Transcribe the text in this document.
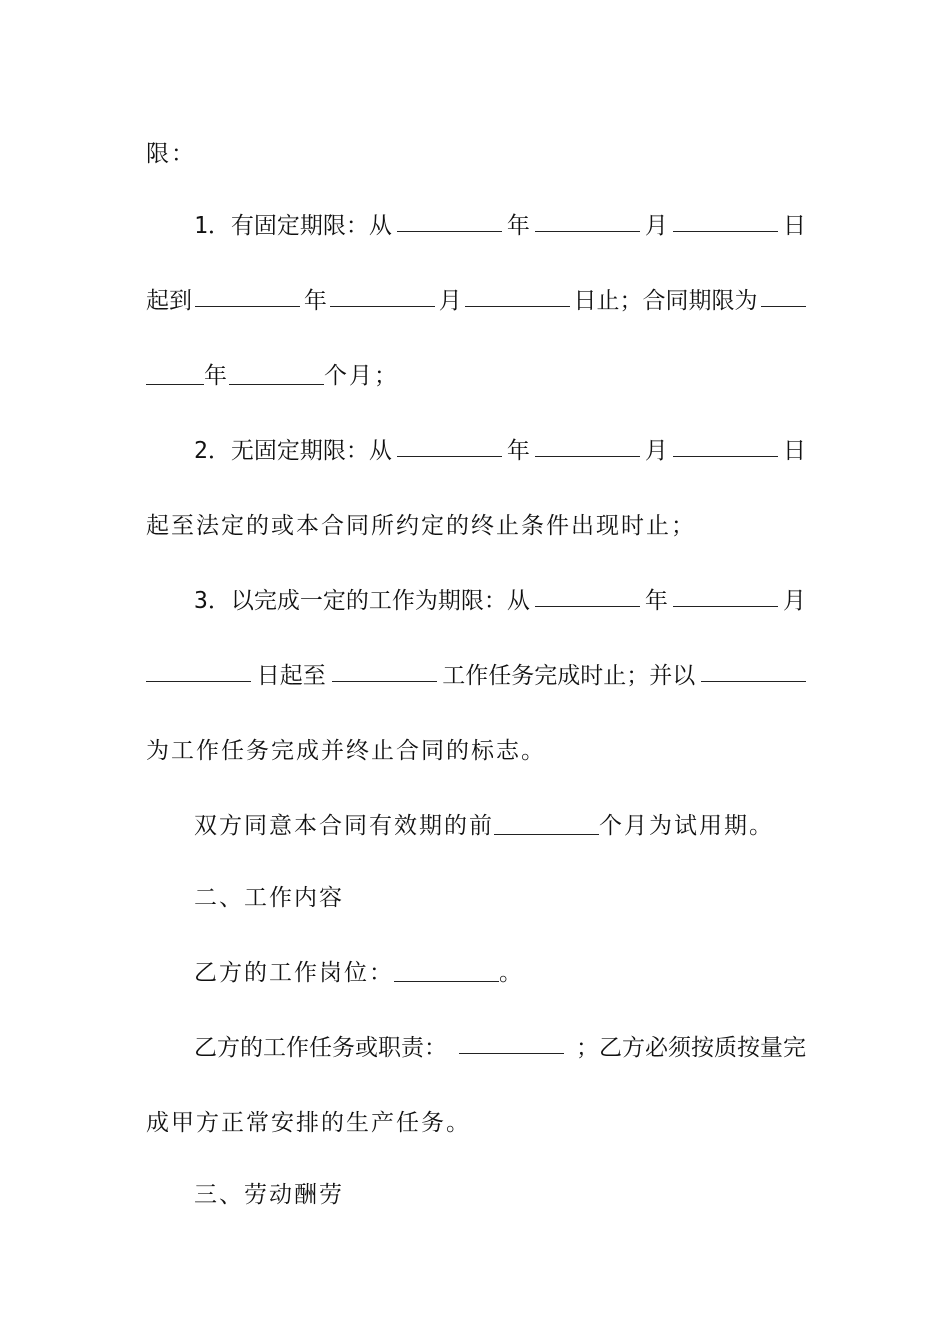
限：
1．有固定期限：从	年	月	日
起到	年	月	日止；合同期限为
年	个月；
2．无固定期限：从	年	月	日
起至法定的或本合同所约定的终止条件出现时止；
3．以完成一定的工作为期限：从	年	月
日起至	工作任务完成时止；并以
为工作任务完成并终止合同的标志。
双方同意本合同有效期的前	个月为试用期。
二、工作内容
乙方的工作岗位：	。
乙方的工作任务或职责：	；乙方必须按质按量完
成甲方正常安排的生产任务。
三、劳动酬劳
